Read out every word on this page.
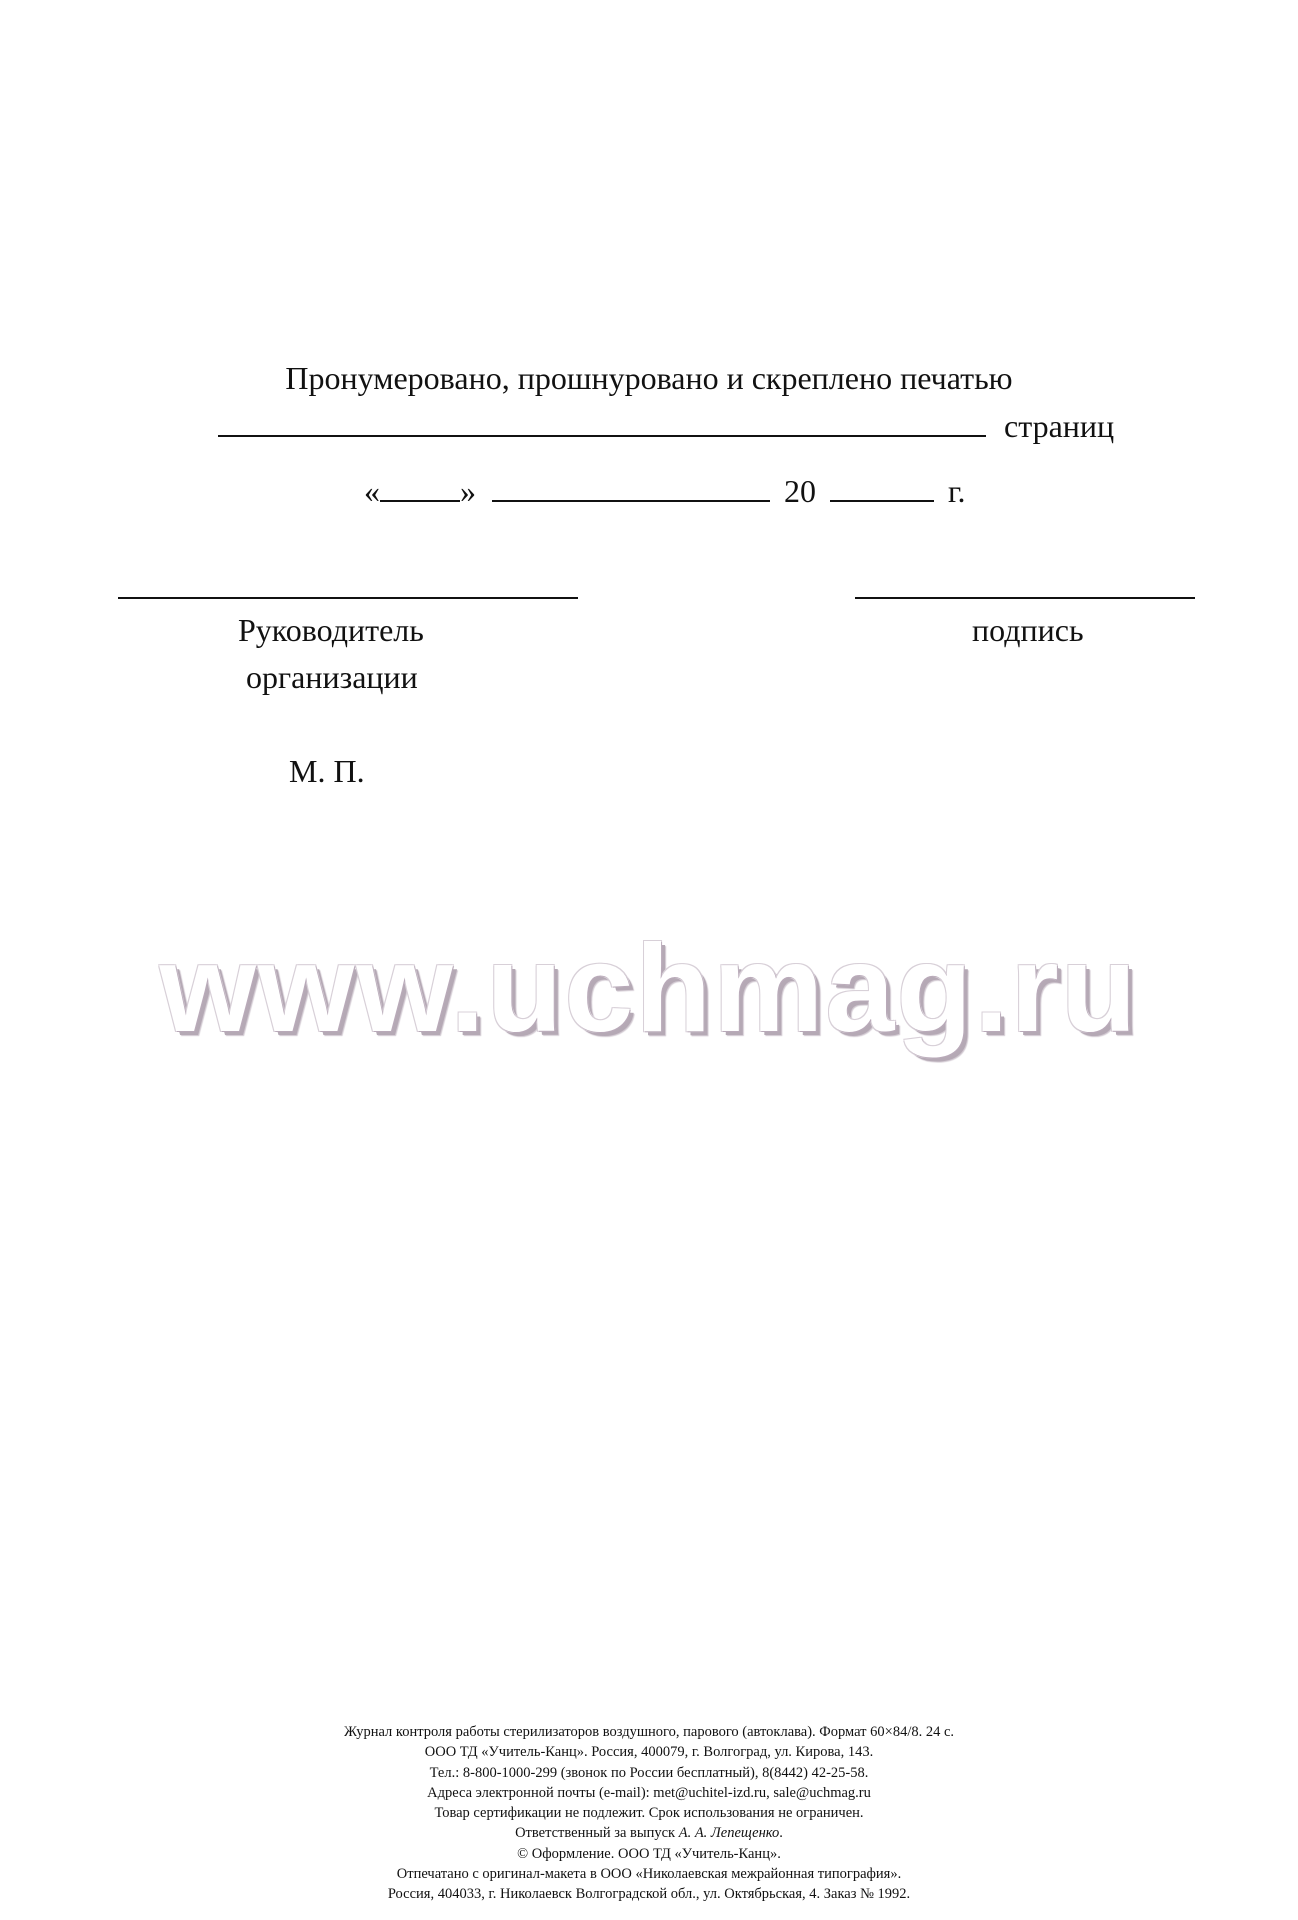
Пронумеровано, прошнуровано и скреплено печатью
страниц
«	»	20	г.
Руководитель
организации
подпись
М. П.
www.uchmag.ru
Журнал контроля работы стерилизаторов воздушного, парового (автоклава). Формат 60×84/8. 24 с.
ООО ТД «Учитель-Канц». Россия, 400079, г. Волгоград, ул. Кирова, 143.
Тел.: 8-800-1000-299 (звонок по России бесплатный), 8(8442) 42-25-58.
Адреса электронной почты (e-mail): met@uchitel-izd.ru, sale@uchmag.ru
Товар сертификации не подлежит. Срок использования не ограничен.
Ответственный за выпуск А. А. Лепещенко.
© Оформление. ООО ТД «Учитель-Канц».
Отпечатано с оригинал-макета в ООО «Николаевская межрайонная типография».
Россия, 404033, г. Николаевск Волгоградской обл., ул. Октябрьская, 4. Заказ № 1992.
